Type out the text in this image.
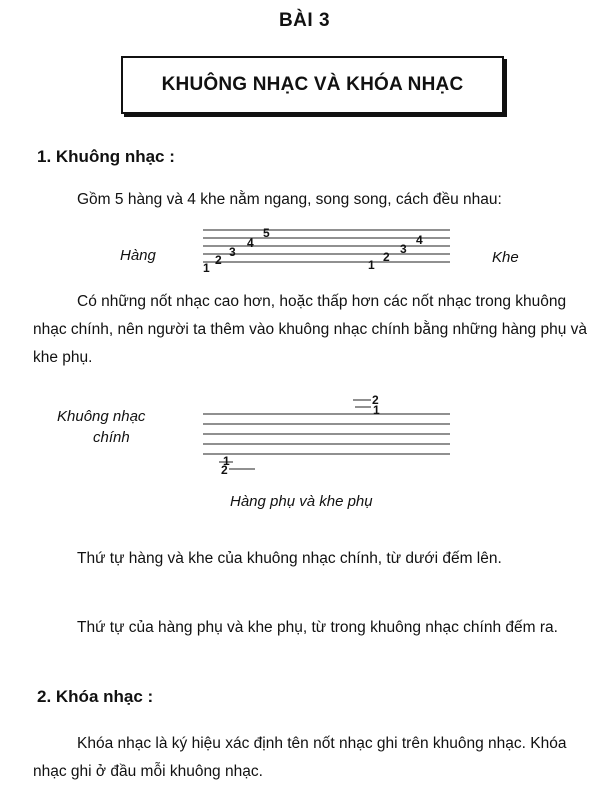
BÀI 3
KHUÔNG NHẠC VÀ KHÓA NHẠC
1. Khuông nhạc :
Gồm 5 hàng và 4 khe nằm ngang, song song, cách đều nhau:
Hàng	Khe
1
2
3
4
5
1
2
3
4
Có những nốt nhạc cao hơn, hoặc thấp hơn các nốt nhạc trong khuông nhạc chính, nên người ta thêm vào khuông nhạc chính bằng những hàng phụ và khe phụ.
Khuông nhạc
chính
2
1
1
2
Hàng phụ và khe phụ
Thứ tự hàng và khe của khuông nhạc chính, từ dưới đếm lên.
Thứ tự của hàng phụ và khe phụ, từ trong khuông nhạc chính đếm ra.
2. Khóa nhạc :
Khóa nhạc là ký hiệu xác định tên nốt nhạc ghi trên khuông nhạc. Khóa nhạc ghi ở đầu mỗi khuông nhạc.
